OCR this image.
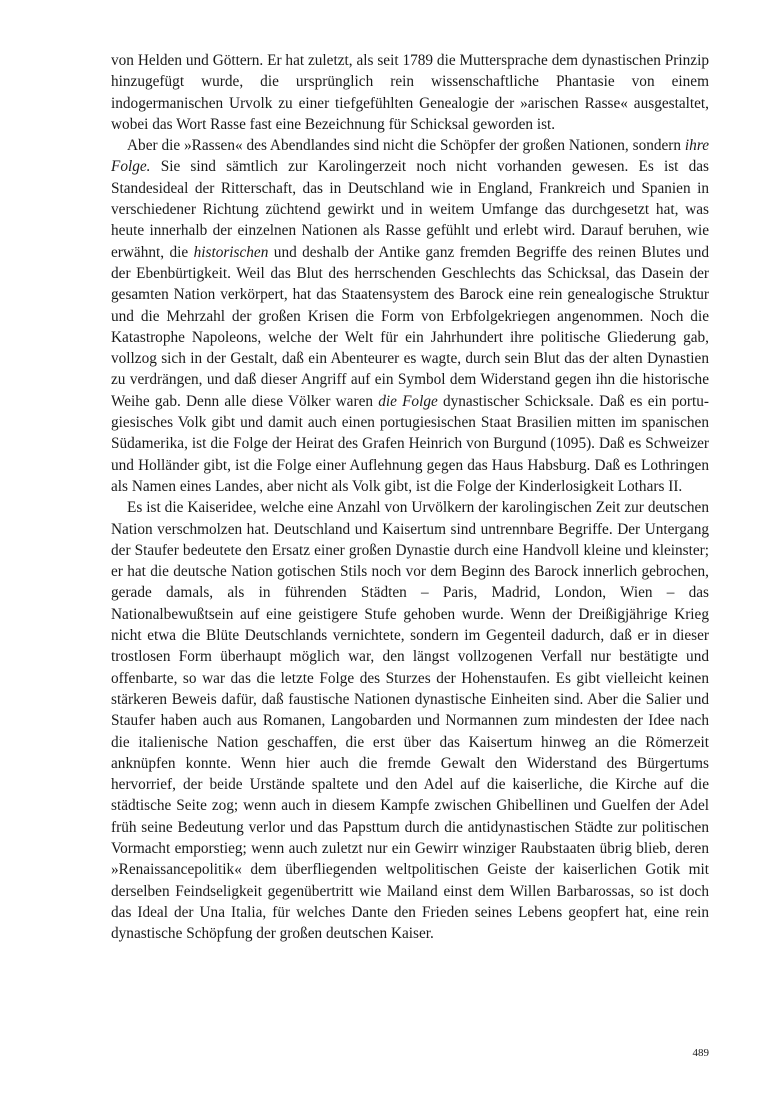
von Helden und Göttern. Er hat zuletzt, als seit 1789 die Muttersprache dem dynastischen Prinzip hinzugefügt wurde, die ursprünglich rein wissenschaftliche Phantasie von einem indogermanischen Urvolk zu einer tiefgefühlten Genealogie der »arischen Rasse« ausgestaltet, wobei das Wort Rasse fast eine Bezeichnung für Schicksal geworden ist.

Aber die »Rassen« des Abendlandes sind nicht die Schöpfer der großen Nationen, sondern ihre Folge. Sie sind sämtlich zur Karolingerzeit noch nicht vorhanden gewesen. Es ist das Standesideal der Ritterschaft, das in Deutschland wie in England, Frankreich und Spanien in verschiedener Richtung züchtend gewirkt und in weitem Umfange das durchgesetzt hat, was heute innerhalb der einzelnen Nationen als Rasse gefühlt und erlebt wird. Darauf beruhen, wie erwähnt, die historischen und deshalb der Antike ganz fremden Begriffe des reinen Blutes und der Ebenbürtigkeit. Weil das Blut des herrschenden Geschlechts das Schicksal, das Dasein der gesamten Nation verkörpert, hat das Staatensystem des Barock eine rein genealogische Struktur und die Mehrzahl der großen Krisen die Form von Erbfolgekriegen angenommen. Noch die Katastrophe Napoleons, welche der Welt für ein Jahrhundert ihre politische Gliederung gab, vollzog sich in der Gestalt, daß ein Abenteurer es wagte, durch sein Blut das der alten Dynastien zu verdrängen, und daß dieser Angriff auf ein Symbol dem Widerstand gegen ihn die historische Weihe gab. Denn alle diese Völker waren die Folge dynastischer Schicksale. Daß es ein portugiesisches Volk gibt und damit auch einen portugiesischen Staat Brasilien mitten im spanischen Südamerika, ist die Folge der Heirat des Grafen Heinrich von Burgund (1095). Daß es Schweizer und Holländer gibt, ist die Folge einer Auflehnung gegen das Haus Habsburg. Daß es Lothringen als Namen eines Landes, aber nicht als Volk gibt, ist die Folge der Kinderlosigkeit Lothars II.

Es ist die Kaiseridee, welche eine Anzahl von Urvölkern der karolingischen Zeit zur deutschen Nation verschmolzen hat. Deutschland und Kaisertum sind untrennbare Begriffe. Der Untergang der Staufer bedeutete den Ersatz einer großen Dynastie durch eine Handvoll kleine und kleinster; er hat die deutsche Nation gotischen Stils noch vor dem Beginn des Barock innerlich gebrochen, gerade damals, als in führenden Städten – Paris, Madrid, London, Wien – das Nationalbewußtsein auf eine geistigere Stufe gehoben wurde. Wenn der Dreißigjährige Krieg nicht etwa die Blüte Deutschlands vernichtete, sondern im Gegenteil dadurch, daß er in dieser trostlosen Form überhaupt möglich war, den längst vollzogenen Verfall nur bestätigte und offenbarte, so war das die letzte Folge des Sturzes der Hohenstaufen. Es gibt vielleicht keinen stärkeren Beweis dafür, daß faustische Nationen dynastische Einheiten sind. Aber die Salier und Staufer haben auch aus Romanen, Langobarden und Normannen zum mindesten der Idee nach die italienische Nation geschaffen, die erst über das Kaisertum hinweg an die Römerzeit anknüpfen konnte. Wenn hier auch die fremde Gewalt den Widerstand des Bürgertums hervorrief, der beide Urstände spaltete und den Adel auf die kaiserliche, die Kirche auf die städtische Seite zog; wenn auch in diesem Kampfe zwischen Ghibellinen und Guelfen der Adel früh seine Bedeutung verlor und das Papsttum durch die antidynastischen Städte zur politischen Vormacht emporstieg; wenn auch zuletzt nur ein Gewirr winziger Raubstaaten übrig blieb, deren »Renaissancepolitik« dem überfliegenden weltpolitischen Geiste der kaiserlichen Gotik mit derselben Feindseligkeit gegenübertritt wie Mailand einst dem Willen Barbarossas, so ist doch das Ideal der Una Italia, für welches Dante den Frieden seines Lebens geopfert hat, eine rein dynastische Schöpfung der großen deutschen Kaiser.

489
